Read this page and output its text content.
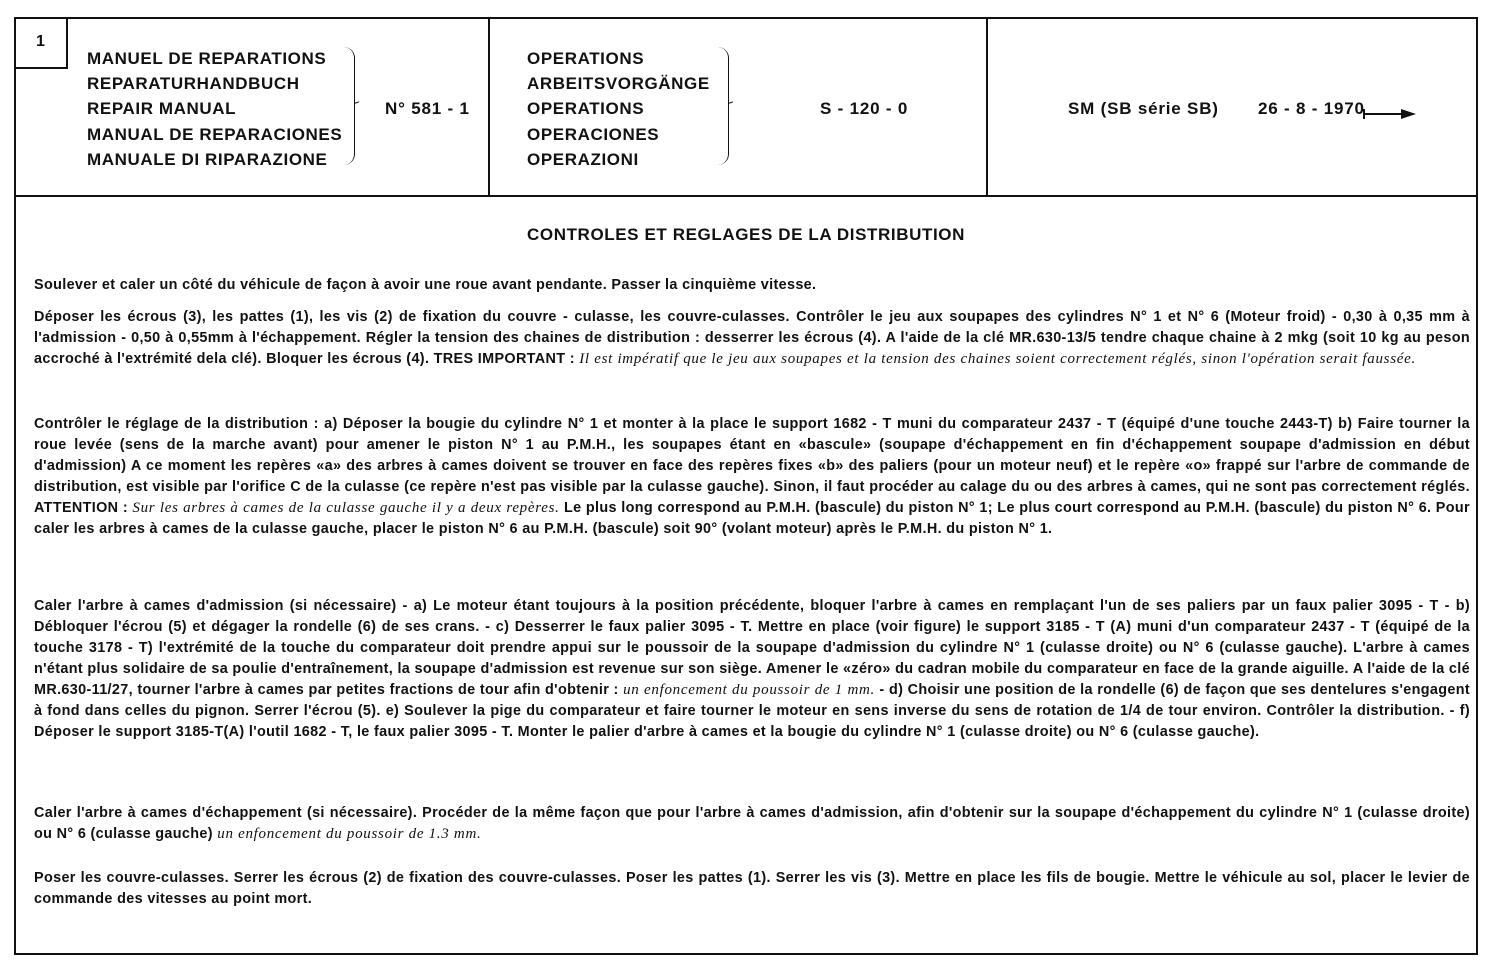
1
MANUEL DE REPARATIONS
REPARATURHANDBUCH
REPAIR MANUAL
MANUAL DE REPARACIONES
MANUALE DI RIPARAZIONE
N° 581 - 1
OPERATIONS
ARBEITSVORGÄNGE
OPERATIONS
OPERACIONES
OPERAZIONI
S - 120 - 0	SM (SB série SB) 26 - 8 - 1970
CONTROLES ET REGLAGES DE LA DISTRIBUTION

Soulever et caler un côté du véhicule de façon à avoir une roue avant pendante. Passer la cinquième vitesse.

Déposer les écrous (3), les pattes (1), les vis (2) de fixation du couvre - culasse, les couvre-culasses. Contrôler le jeu aux soupapes des cylindres N° 1 et N° 6 (Moteur froid) - 0,30 à 0,35 mm à l'admission - 0,50 à 0,55mm à l'échappement. Régler la tension des chaines de distribution : desserrer les écrous (4). A l'aide de la clé MR.630-13/5 tendre chaque chaine à 2 mkg (soit 10 kg au peson accroché à l'extrémité dela clé). Bloquer les écrous (4). TRES IMPORTANT : Il est impératif que le jeu aux soupapes et la tension des chaines soient correctement réglés, sinon l'opération serait faussée.

Contrôler le réglage de la distribution : a) Déposer la bougie du cylindre N° 1 et monter à la place le support 1682 - T muni du comparateur 2437 - T (équipé d'une touche 2443-T) b) Faire tourner la roue levée (sens de la marche avant) pour amener le piston N° 1 au P.M.H., les soupapes étant en «bascule» (soupape d'échappement en fin d'échappement soupape d'admission en début d'admission) A ce moment les repères «a» des arbres à cames doivent se trouver en face des repères fixes «b» des paliers (pour un moteur neuf) et le repère «o» frappé sur l'arbre de commande de distribution, est visible par l'orifice C de la culasse (ce repère n'est pas visible par la culasse gauche). Sinon, il faut procéder au calage du ou des arbres à cames, qui ne sont pas correctement réglés. ATTENTION : Sur les arbres à cames de la culasse gauche il y a deux repères. Le plus long correspond au P.M.H. (bascule) du piston N° 1; Le plus court correspond au P.M.H. (bascule) du piston N° 6. Pour caler les arbres à cames de la culasse gauche, placer le piston N° 6 au P.M.H. (bascule) soit 90° (volant moteur) après le P.M.H. du piston N° 1.

Caler l'arbre à cames d'admission (si nécessaire) - a) Le moteur étant toujours à la position précédente, bloquer l'arbre à cames en remplaçant l'un de ses paliers par un faux palier 3095 - T - b) Débloquer l'écrou (5) et dégager la rondelle (6) de ses crans. - c) Desserrer le faux palier 3095 - T. Mettre en place (voir figure) le support 3185 - T (A) muni d'un comparateur 2437 - T (équipé de la touche 3178 - T) l'extrémité de la touche du comparateur doit prendre appui sur le poussoir de la soupape d'admission du cylindre N° 1 (culasse droite) ou N° 6 (culasse gauche). L'arbre à cames n'étant plus solidaire de sa poulie d'entraînement, la soupape d'admission est revenue sur son siège. Amener le «zéro» du cadran mobile du comparateur en face de la grande aiguille. A l'aide de la clé MR.630-11/27, tourner l'arbre à cames par petites fractions de tour afin d'obtenir : un enfoncement du poussoir de 1 mm. - d) Choisir une position de la rondelle (6) de façon que ses dentelures s'engagent à fond dans celles du pignon. Serrer l'écrou (5). e) Soulever la pige du comparateur et faire tourner le moteur en sens inverse du sens de rotation de 1/4 de tour environ. Contrôler la distribution. - f) Déposer le support 3185-T(A) l'outil 1682 - T, le faux palier 3095 - T. Monter le palier d'arbre à cames et la bougie du cylindre N° 1 (culasse droite) ou N° 6 (culasse gauche).

Caler l'arbre à cames d'échappement (si nécessaire). Procéder de la même façon que pour l'arbre à cames d'admission, afin d'obtenir sur la soupape d'échappement du cylindre N° 1 (culasse droite) ou N° 6 (culasse gauche) un enfoncement du poussoir de 1.3 mm.

Poser les couvre-culasses. Serrer les écrous (2) de fixation des couvre-culasses. Poser les pattes (1). Serrer les vis (3). Mettre en place les fils de bougie. Mettre le véhicule au sol, placer le levier de commande des vitesses au point mort.
